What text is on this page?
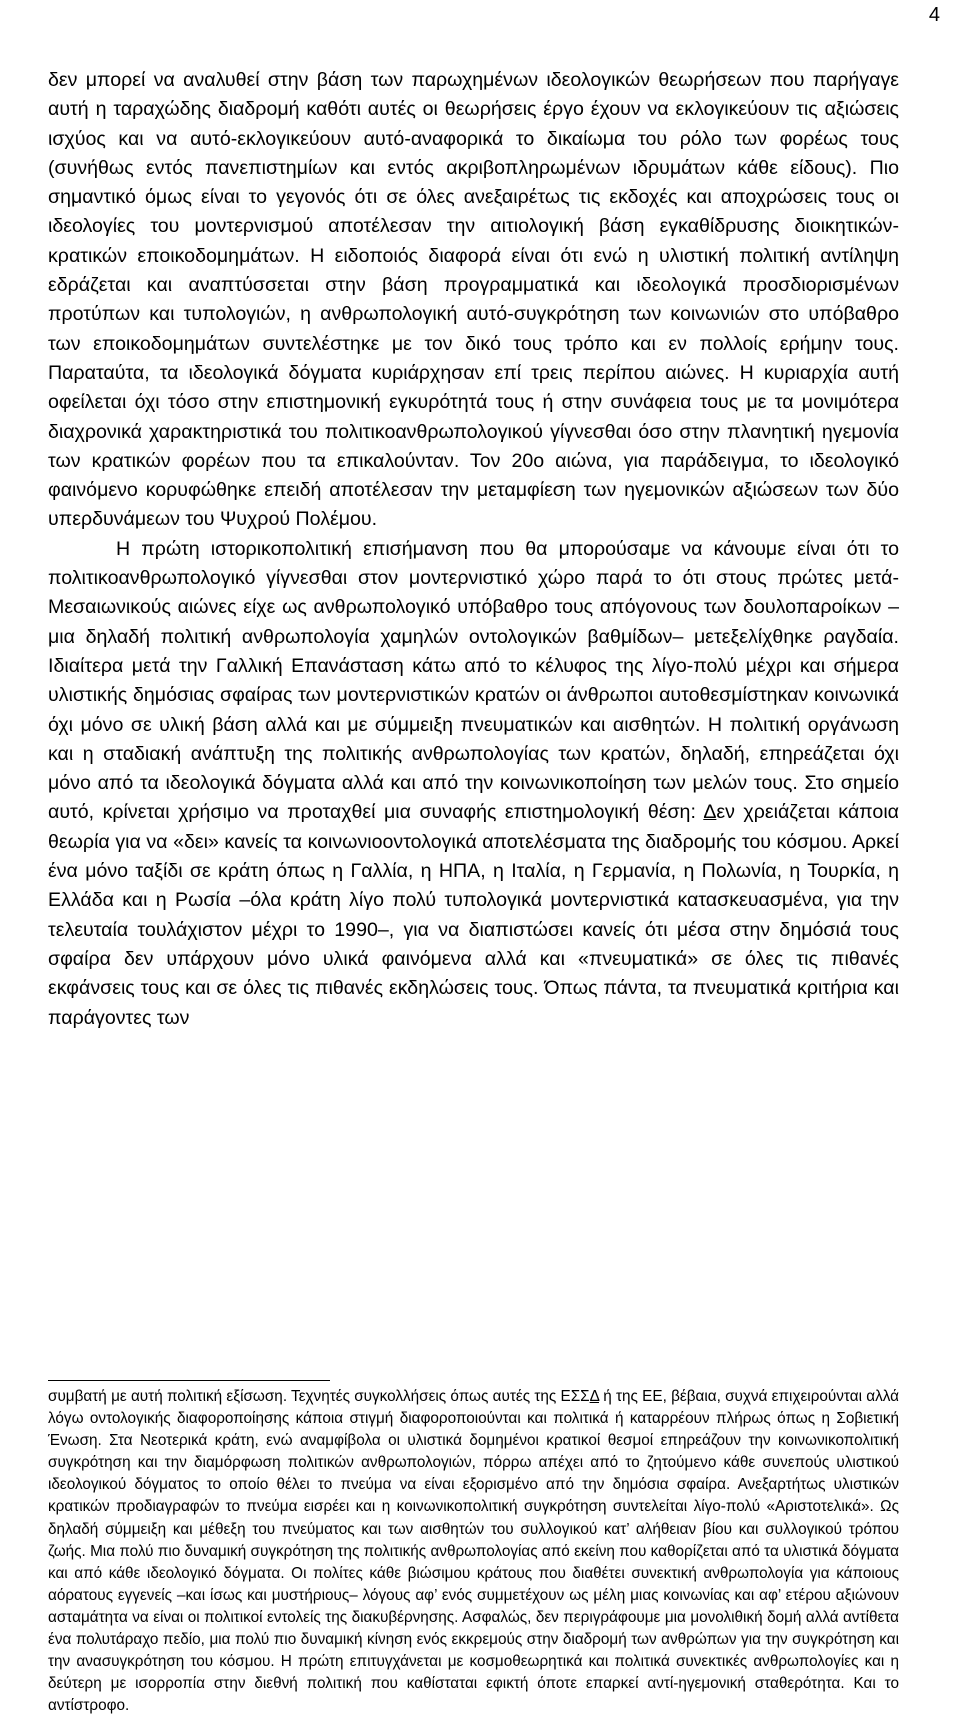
4

δεν μπορεί να αναλυθεί στην βάση των παρωχημένων ιδεολογικών θεωρήσεων που παρήγαγε αυτή η ταραχώδης διαδρομή καθότι αυτές οι θεωρήσεις έργο έχουν να εκλογικεύουν τις αξιώσεις ισχύος και να αυτό-εκλογικεύουν αυτό-αναφορικά το δικαίωμα του ρόλο των φορέως τους (συνήθως εντός πανεπιστημίων και εντός ακριβοπληρωμένων ιδρυμάτων κάθε είδους). Πιο σημαντικό όμως είναι το γεγονός ότι σε όλες ανεξαιρέτως τις εκδοχές και αποχρώσεις τους οι ιδεολογίες του μοντερνισμού αποτέλεσαν την αιτιολογική βάση εγκαθίδρυσης διοικητικών-κρατικών εποικοδομημάτων. Η ειδοποιός διαφορά είναι ότι ενώ η υλιστική πολιτική αντίληψη εδράζεται και αναπτύσσεται στην βάση προγραμματικά και ιδεολογικά προσδιορισμένων προτύπων και τυπολογιών, η ανθρωπολογική αυτό-συγκρότηση των κοινωνιών στο υπόβαθρο των εποικοδομημάτων συντελέστηκε με τον δικό τους τρόπο και εν πολλοίς ερήμην τους. Παραταύτα, τα ιδεολογικά δόγματα κυριάρχησαν επί τρεις περίπου αιώνες. Η κυριαρχία αυτή οφείλεται όχι τόσο στην επιστημονική εγκυρότητά τους ή στην συνάφεια τους με τα μονιμότερα διαχρονικά χαρακτηριστικά του πολιτικοανθρωπολογικού γίγνεσθαι όσο στην πλανητική ηγεμονία των κρατικών φορέων που τα επικαλούνταν. Τον 20ο αιώνα, για παράδειγμα, το ιδεολογικό φαινόμενο κορυφώθηκε επειδή αποτέλεσαν την μεταμφίεση των ηγεμονικών αξιώσεων των δύο υπερδυνάμεων του Ψυχρού Πολέμου.

Η πρώτη ιστορικοπολιτική επισήμανση που θα μπορούσαμε να κάνουμε είναι ότι το πολιτικοανθρωπολογικό γίγνεσθαι στον μοντερνιστικό χώρο παρά το ότι στους πρώτες μετά-Μεσαιωνικούς αιώνες είχε ως ανθρωπολογικό υπόβαθρο τους απόγονους των δουλοπαροίκων –μια δηλαδή πολιτική ανθρωπολογία χαμηλών οντολογικών βαθμίδων– μετεξελίχθηκε ραγδαία. Ιδιαίτερα μετά την Γαλλική Επανάσταση κάτω από το κέλυφος της λίγο-πολύ μέχρι και σήμερα υλιστικής δημόσιας σφαίρας των μοντερνιστικών κρατών οι άνθρωποι αυτοθεσμίστηκαν κοινωνικά όχι μόνο σε υλική βάση αλλά και με σύμμειξη πνευματικών και αισθητών. Η πολιτική οργάνωση και η σταδιακή ανάπτυξη της πολιτικής ανθρωπολογίας των κρατών, δηλαδή, επηρεάζεται όχι μόνο από τα ιδεολογικά δόγματα αλλά και από την κοινωνικοποίηση των μελών τους. Στο σημείο αυτό, κρίνεται χρήσιμο να προταχθεί μια συναφής επιστημολογική θέση: Δεν χρειάζεται κάποια θεωρία για να «δει» κανείς τα κοινωνιοοντολογικά αποτελέσματα της διαδρομής του κόσμου. Αρκεί ένα μόνο ταξίδι σε κράτη όπως η Γαλλία, η ΗΠΑ, η Ιταλία, η Γερμανία, η Πολωνία, η Τουρκία, η Ελλάδα και η Ρωσία –όλα κράτη λίγο πολύ τυπολογικά μοντερνιστικά κατασκευασμένα, για την τελευταία τουλάχιστον μέχρι το 1990–, για να διαπιστώσει κανείς ότι μέσα στην δημόσιά τους σφαίρα δεν υπάρχουν μόνο υλικά φαινόμενα αλλά και «πνευματικά» σε όλες τις πιθανές εκφάνσεις τους και σε όλες τις πιθανές εκδηλώσεις τους. Όπως πάντα, τα πνευματικά κριτήρια και παράγοντες των

συμβατή με αυτή πολιτική εξίσωση. Τεχνητές συγκολλήσεις όπως αυτές της ΕΣΣΔ ή της ΕΕ, βέβαια, συχνά επιχειρούνται αλλά λόγω οντολογικής διαφοροποίησης κάποια στιγμή διαφοροποιούνται και πολιτικά ή καταρρέουν πλήρως όπως η Σοβιετική Ένωση. Στα Νεοτερικά κράτη, ενώ αναμφίβολα οι υλιστικά δομημένοι κρατικοί θεσμοί επηρεάζουν την κοινωνικοπολιτική συγκρότηση και την διαμόρφωση πολιτικών ανθρωπολογιών, πόρρω απέχει από το ζητούμενο κάθε συνεπούς υλιστικού ιδεολογικού δόγματος το οποίο θέλει το πνεύμα να είναι εξορισμένο από την δημόσια σφαίρα. Ανεξαρτήτως υλιστικών κρατικών προδιαγραφών το πνεύμα εισρέει και η κοινωνικοπολιτική συγκρότηση συντελείται λίγο-πολύ «Αριστοτελικά». Ως δηλαδή σύμμειξη και μέθεξη του πνεύματος και των αισθητών του συλλογικού κατ’ αλήθειαν βίου και συλλογικού τρόπου ζωής. Μια πολύ πιο δυναμική συγκρότηση της πολιτικής ανθρωπολογίας από εκείνη που καθορίζεται από τα υλιστικά δόγματα και από κάθε ιδεολογικό δόγματα. Οι πολίτες κάθε βιώσιμου κράτους που διαθέτει συνεκτική ανθρωπολογία για κάποιους αόρατους εγγενείς –και ίσως και μυστήριους– λόγους αφ’ ενός συμμετέχουν ως μέλη μιας κοινωνίας και αφ’ ετέρου αξιώνουν ασταμάτητα να είναι οι πολιτικοί εντολείς της διακυβέρνησης. Ασφαλώς, δεν περιγράφουμε μια μονολιθική δομή αλλά αντίθετα ένα πολυτάραχο πεδίο, μια πολύ πιο δυναμική κίνηση ενός εκκρεμούς στην διαδρομή των ανθρώπων για την συγκρότηση και την ανασυγκρότηση του κόσμου. Η πρώτη επιτυγχάνεται με κοσμοθεωρητικά και πολιτικά συνεκτικές ανθρωπολογίες και η δεύτερη με ισορροπία στην διεθνή πολιτική που καθίσταται εφικτή όποτε επαρκεί αντί-ηγεμονική σταθερότητα. Και το αντίστροφο.
